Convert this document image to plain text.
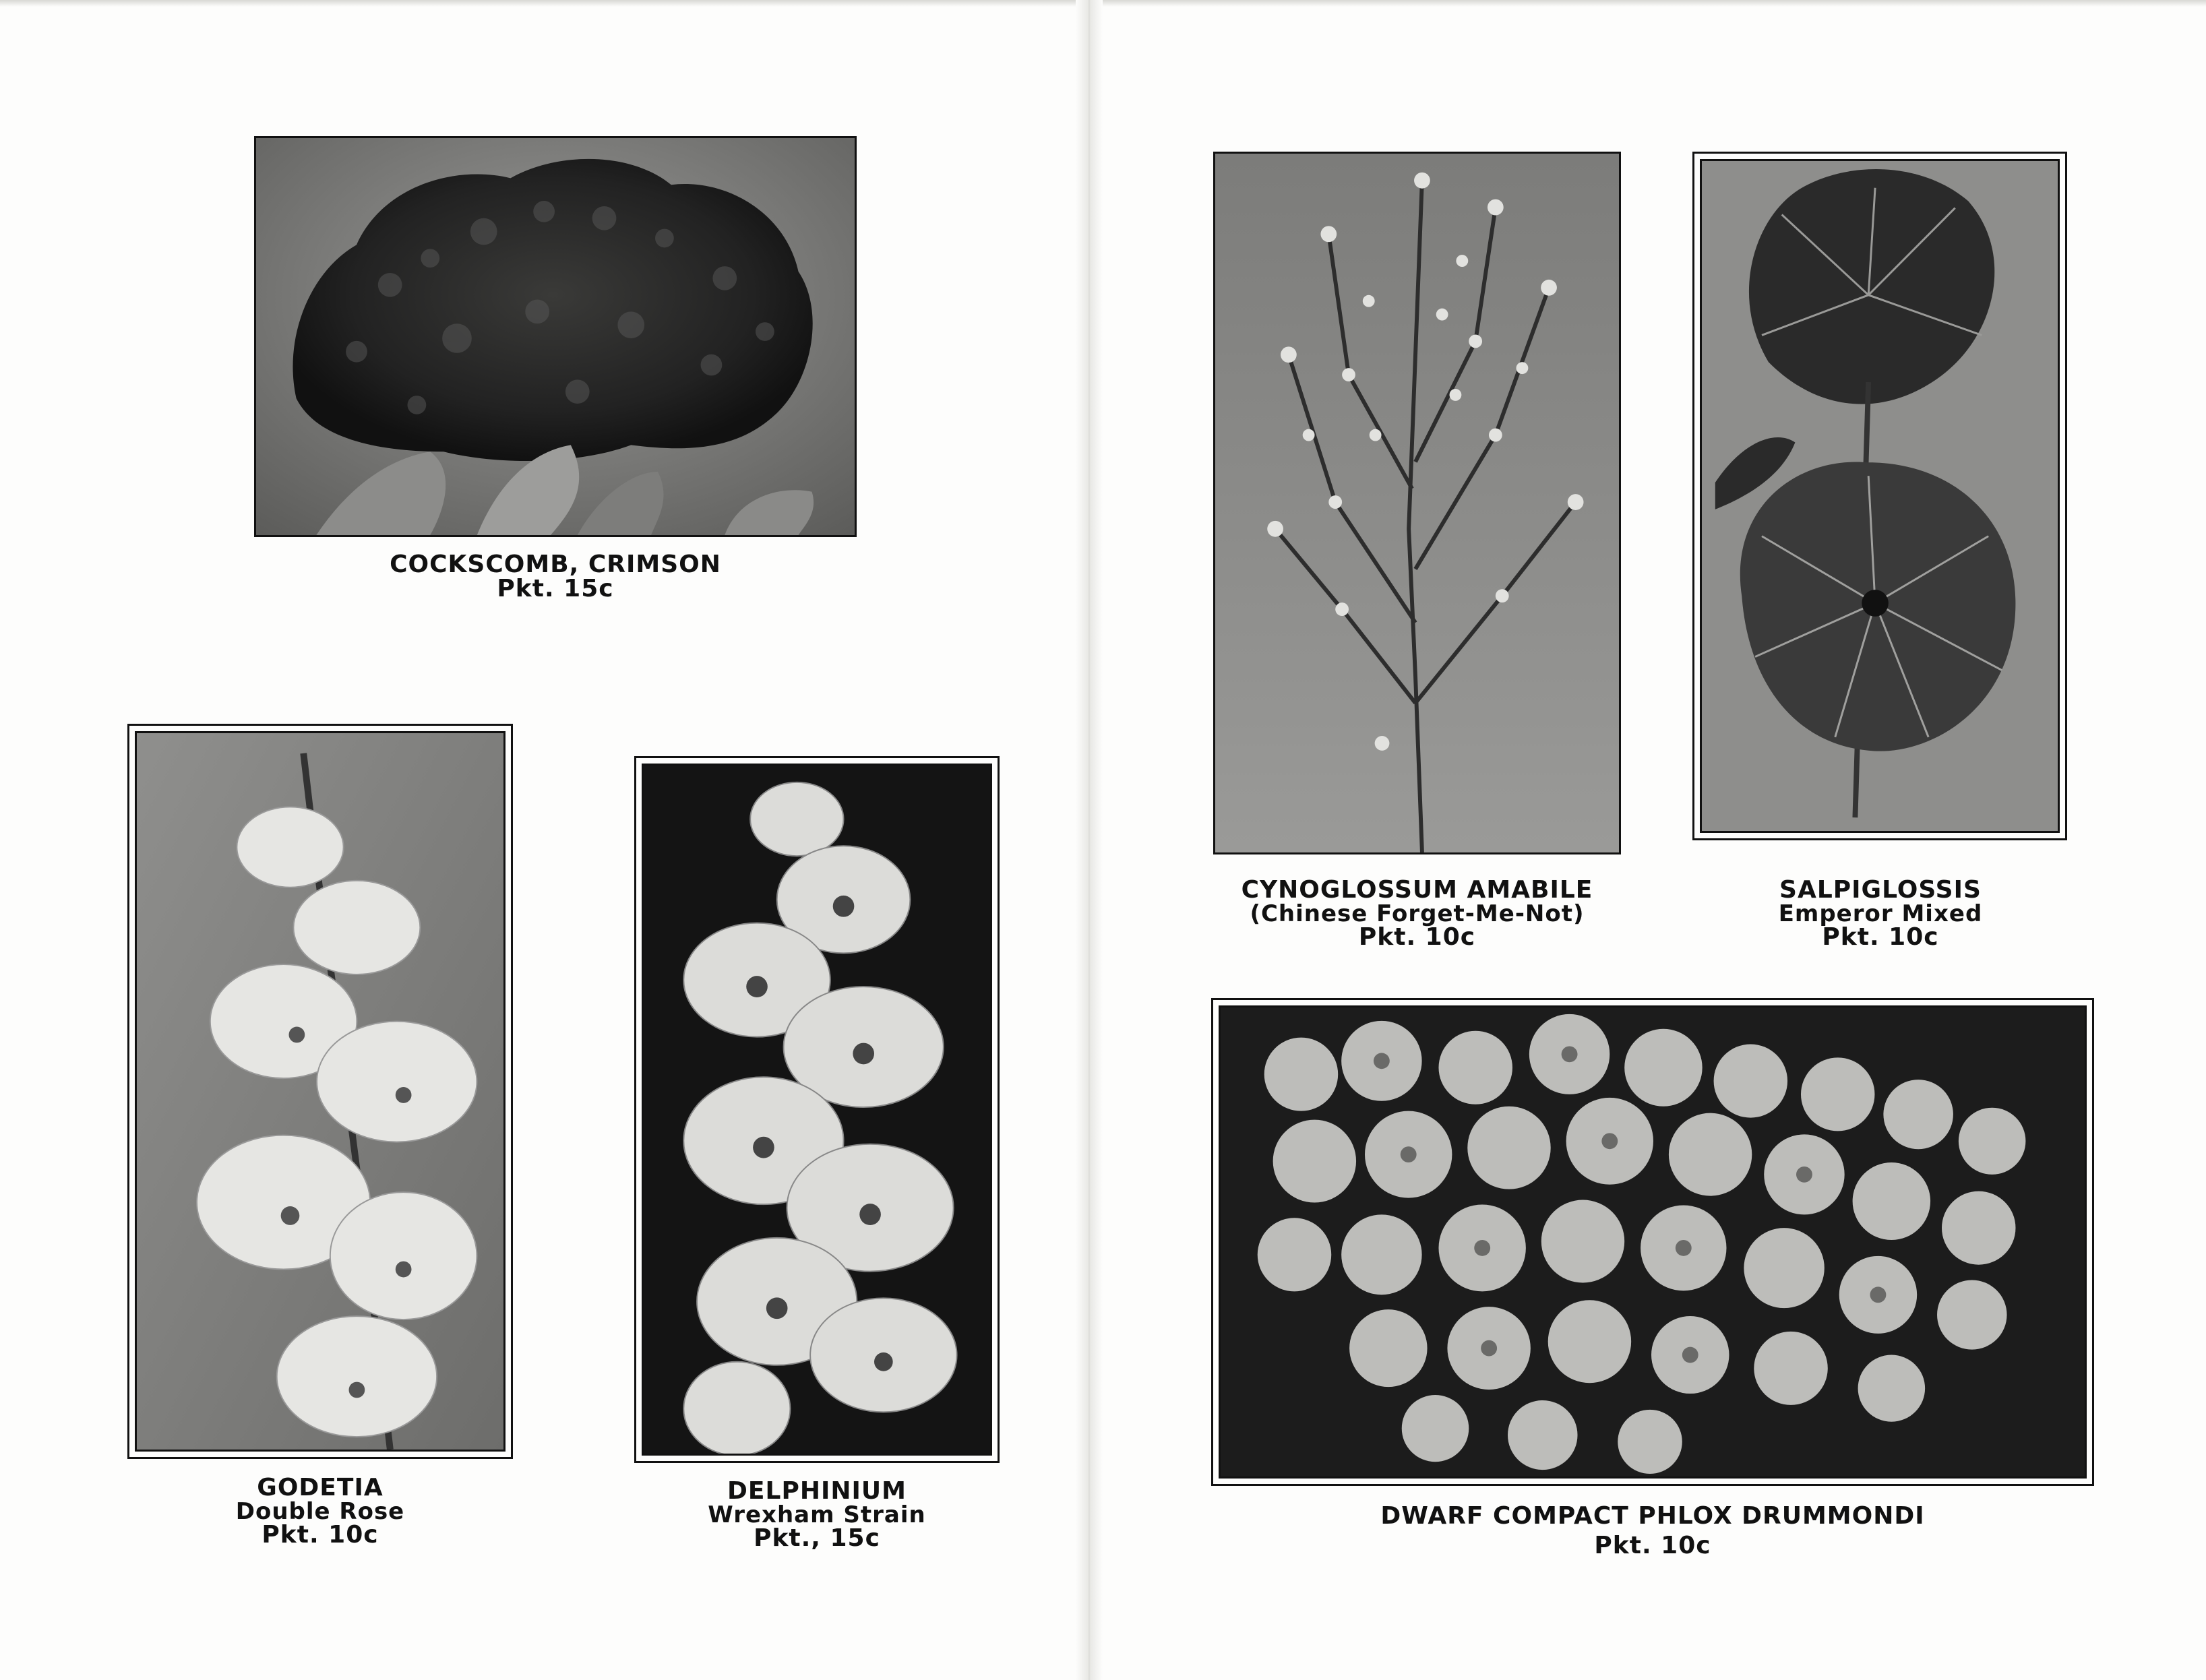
COCKSCOMB, CRIMSON
Pkt. 15c
GODETIA
Double Rose
Pkt. 10c
DELPHINIUM
Wrexham Strain
Pkt., 15c
CYNOGLOSSUM AMABILE
(Chinese Forget-Me-Not)
Pkt. 10c
SALPIGLOSSIS
Emperor Mixed
Pkt. 10c
DWARF COMPACT PHLOX DRUMMONDI
Pkt. 10c
